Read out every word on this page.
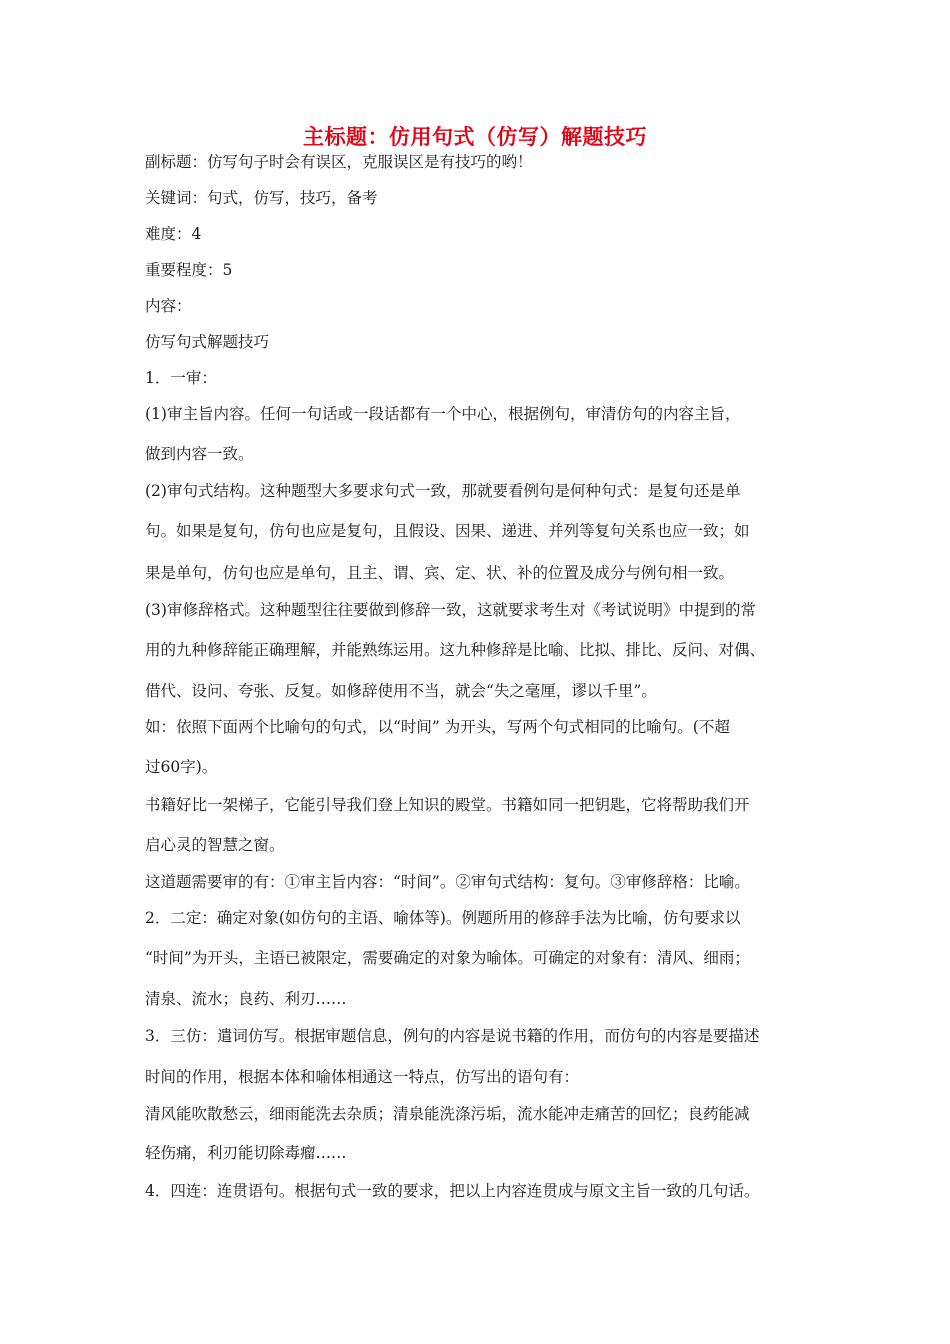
主标题：仿用句式（仿写）解题技巧
副标题：仿写句子时会有误区，克服误区是有技巧的哟！
关键词：句式，仿写，技巧，备考
难度：4
重要程度：5
内容：
仿写句式解题技巧
1．一审：
(1)审主旨内容。任何一句话或一段话都有一个中心，根据例句，审清仿句的内容主旨，
做到内容一致。
(2)审句式结构。这种题型大多要求句式一致，那就要看例句是何种句式：是复句还是单
句。如果是复句，仿句也应是复句，且假设、因果、递进、并列等复句关系也应一致；如
果是单句，仿句也应是单句，且主、谓、宾、定、状、补的位置及成分与例句相一致。
(3)审修辞格式。这种题型往往要做到修辞一致，这就要求考生对《考试说明》中提到的常
用的九种修辞能正确理解，并能熟练运用。这九种修辞是比喻、比拟、排比、反问、对偶、
借代、设问、夸张、反复。如修辞使用不当，就会“失之毫厘，谬以千里”。
如：依照下面两个比喻句的句式，以“时间” 为开头，写两个句式相同的比喻句。(不超
过60字)。
书籍好比一架梯子，它能引导我们登上知识的殿堂。书籍如同一把钥匙，它将帮助我们开
启心灵的智慧之窗。
这道题需要审的有：①审主旨内容：“时间”。②审句式结构：复句。③审修辞格：比喻。
2．二定：确定对象(如仿句的主语、喻体等)。例题所用的修辞手法为比喻，仿句要求以
“时间”为开头，主语已被限定，需要确定的对象为喻体。可确定的对象有：清风、细雨；
清泉、流水；良药、利刃……
3．三仿：遣词仿写。根据审题信息，例句的内容是说书籍的作用，而仿句的内容是要描述
时间的作用，根据本体和喻体相通这一特点，仿写出的语句有：
清风能吹散愁云，细雨能洗去杂质；清泉能洗涤污垢，流水能冲走痛苦的回忆；良药能减
轻伤痛，利刃能切除毒瘤……
4．四连：连贯语句。根据句式一致的要求，把以上内容连贯成与原文主旨一致的几句话。
